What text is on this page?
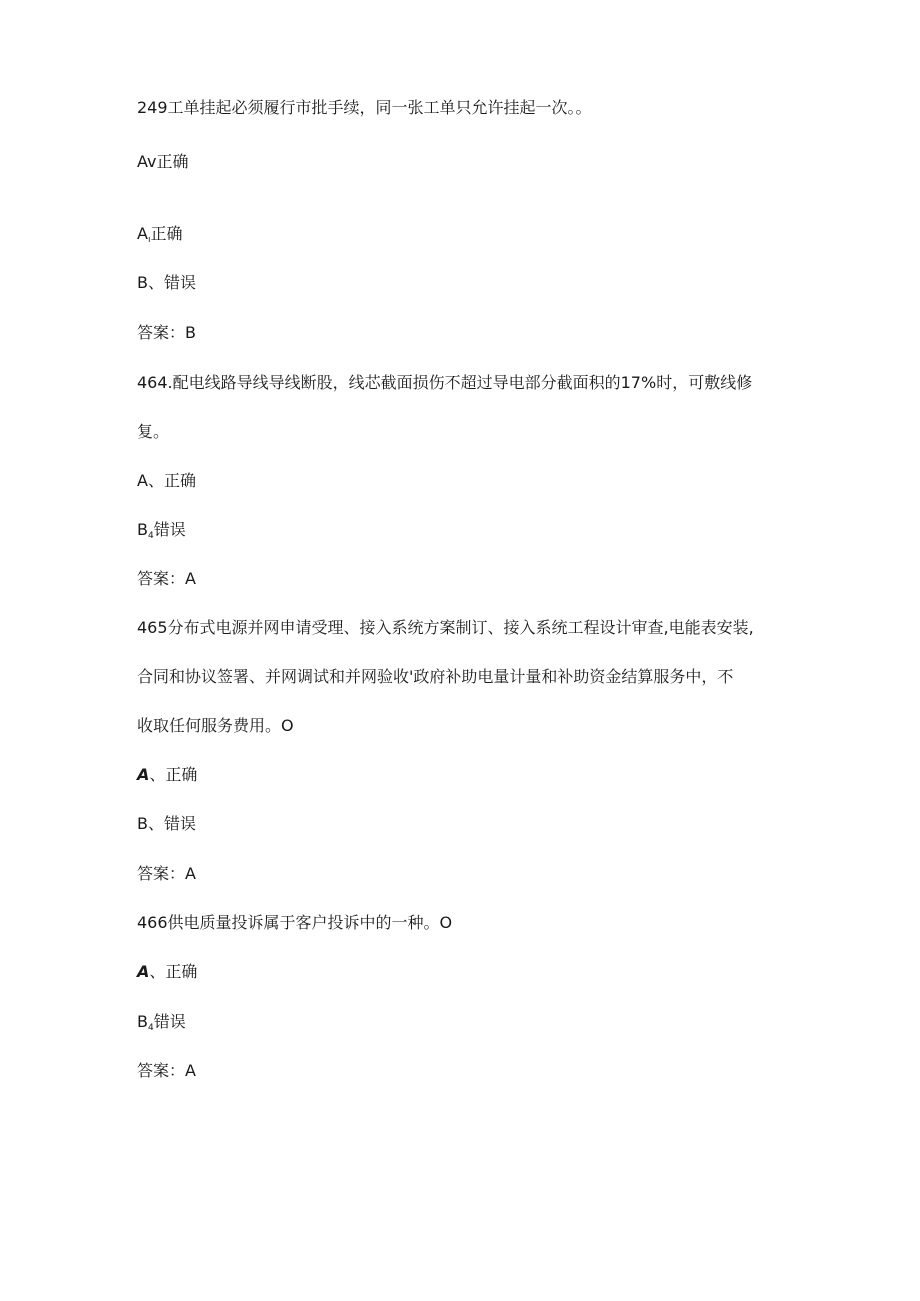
249工单挂起必须履行市批手续，同一张工单只允许挂起一次。。

Av正确

$A_ı$正确

B、错误

答案：B

464.配电线路导线导线断股，线芯截面损伤不超过导电部分截面积的17%时，可敷线修

复。

A、正确

$B_4$错误

答案：A

465分布式电源并网申请受理、接入系统方案制订、接入系统工程设计审查,电能表安装,

合同和协议签署、并网调试和并网验收'政府补助电量计量和补助资金结算服务中，不

收取任何服务费用。O

A、正确

B、错误

答案：A

466供电质量投诉属于客户投诉中的一种。O

A、正确

$B_4$错误

答案：A
